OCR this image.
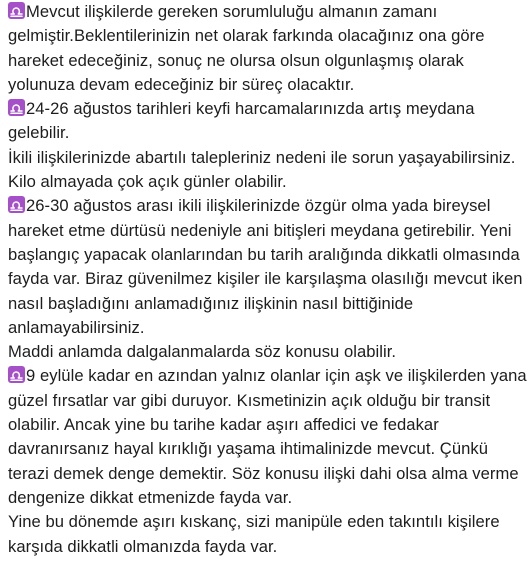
Mevcut ilişkilerde gereken sorumluluğu almanın zamanı gelmiştir.Beklentilerinizin net olarak farkında olacağınız ona göre hareket edeceğiniz, sonuç ne olursa olsun olgunlaşmış olarak yolunuza devam edeceğiniz bir süreç olacaktır.

24-26 ağustos tarihleri keyfi harcamalarınızda artış meydana gelebilir.

İkili ilişkilerinizde abartılı talepleriniz nedeni ile sorun yaşayabilirsiniz. Kilo almayada çok açık günler olabilir.

26-30 ağustos arası ikili ilişkilerinizde özgür olma yada bireysel hareket etme dürtüsü nedeniyle ani bitişleri meydana getirebilir. Yeni başlangıç yapacak olanlarından bu tarih aralığında dikkatli olmasında fayda var. Biraz güvenilmez kişiler ile karşılaşma olasılığı mevcut iken nasıl başladığını anlamadığınız ilişkinin nasıl bittiğinide anlamayabilirsiniz.

Maddi anlamda dalgalanmalarda söz konusu olabilir.

9 eylüle kadar en azından yalnız olanlar için aşk ve ilişkilerden yana güzel fırsatlar var gibi duruyor. Kısmetinizin açık olduğu bir transit olabilir. Ancak yine bu tarihe kadar aşırı affedici ve fedakar davranırsanız hayal kırıklığı yaşama ihtimalinizde mevcut. Çünkü terazi demek denge demektir. Söz konusu ilişki dahi olsa alma verme dengenize dikkat etmenizde fayda var.

Yine bu dönemde aşırı kıskanç, sizi manipüle eden takıntılı kişilere karşıda dikkatli olmanızda fayda var.
